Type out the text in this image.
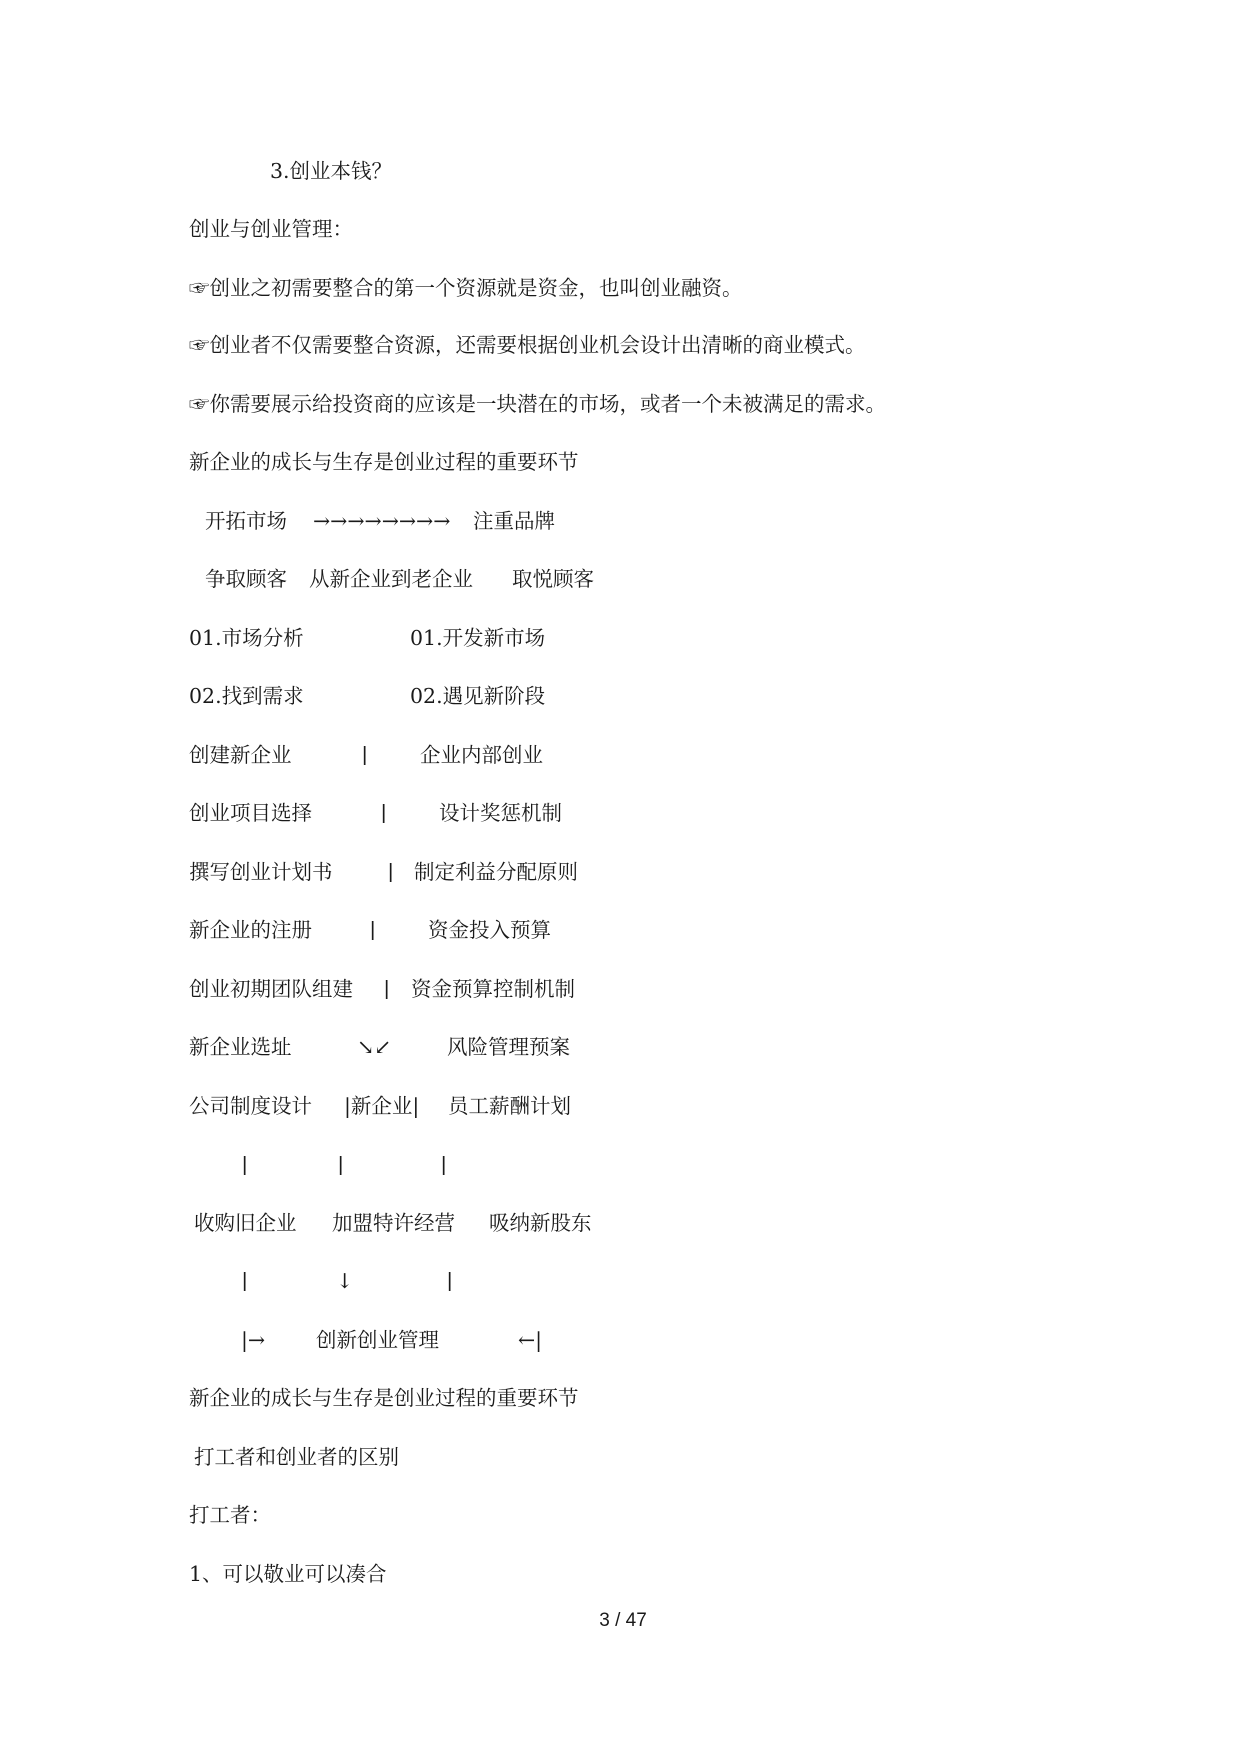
3.创业本钱？
创业与创业管理：
☞创业之初需要整合的第一个资源就是资金，也叫创业融资。
☞创业者不仅需要整合资源，还需要根据创业机会设计出清晰的商业模式。
☞你需要展示给投资商的应该是一块潜在的市场，或者一个未被满足的需求。
新企业的成长与生存是创业过程的重要环节
开拓市场 →→→→→→→→ 注重品牌
争取顾客 从新企业到老企业 取悦顾客
01.市场分析	01.开发新市场
02.找到需求	02.遇见新阶段
创建新企业	|	企业内部创业
创业项目选择	|	设计奖惩机制
撰写创业计划书	| 制定利益分配原则
新企业的注册	|	资金投入预算
创业初期团队组建 | 资金预算控制机制
新企业选址	↘↙	风险管理预案
公司制度设计 |新企业| 员工薪酬计划
|	|	|
收购旧企业 加盟特许经营 吸纳新股东
|	↓	|
|→ 创新创业管理	←|
新企业的成长与生存是创业过程的重要环节
打工者和创业者的区别
打工者：
1、可以敬业可以凑合
3 / 47
